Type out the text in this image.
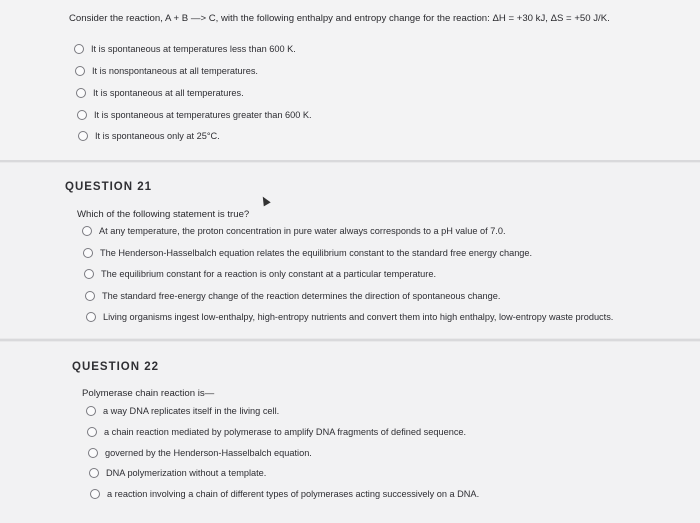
Consider the reaction, A + B —> C, with the following enthalpy and entropy change for the reaction: ΔH = +30 kJ, ΔS = +50 J/K.
It is spontaneous at temperatures less than 600 K.
It is nonspontaneous at all temperatures.
It is spontaneous at all temperatures.
It is spontaneous at temperatures greater than 600 K.
It is spontaneous only at 25°C.
QUESTION 21
Which of the following statement is true?
At any temperature, the proton concentration in pure water always corresponds to a pH value of 7.0.
The Henderson-Hasselbalch equation relates the equilibrium constant to the standard free energy change.
The equilibrium constant for a reaction is only constant at a particular temperature.
The standard free-energy change of the reaction determines the direction of spontaneous change.
Living organisms ingest low-enthalpy, high-entropy nutrients and convert them into high enthalpy, low-entropy waste products.
QUESTION 22
Polymerase chain reaction is—
a way DNA replicates itself in the living cell.
a chain reaction mediated by polymerase to amplify DNA fragments of defined sequence.
governed by the Henderson-Hasselbalch equation.
DNA polymerization without a template.
a reaction involving a chain of different types of polymerases acting successively on a DNA.
